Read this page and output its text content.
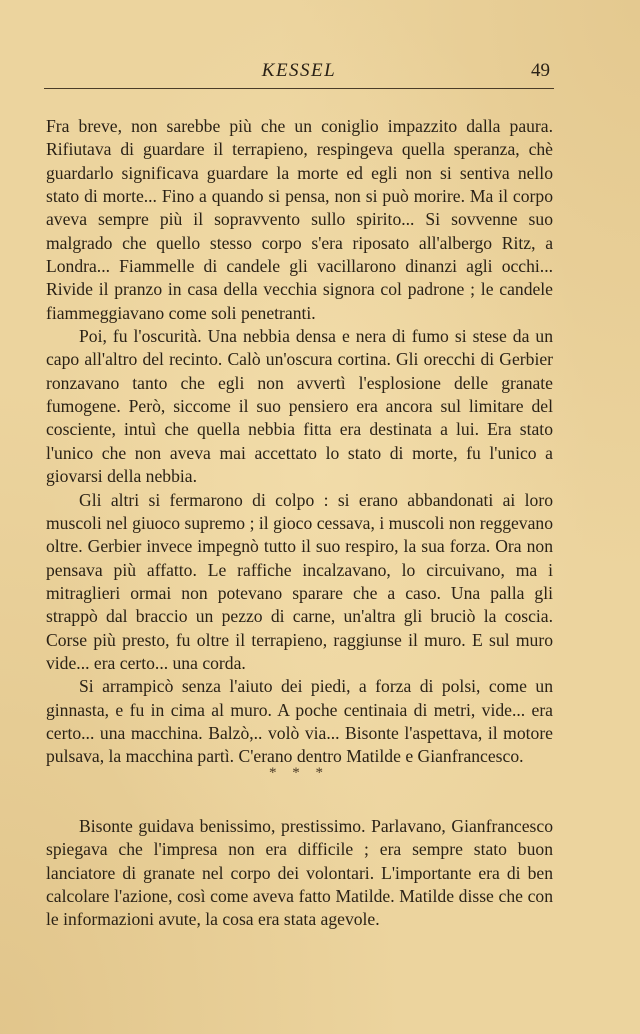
KESSEL	49

Fra breve, non sarebbe più che un coniglio impazzito dalla paura. Rifiutava di guardare il terrapieno, respingeva quella speranza, chè guardarlo significava guardare la morte ed egli non si sentiva nello stato di morte... Fino a quando si pensa, non si può morire. Ma il corpo aveva sempre più il sopravvento sullo spirito... Si sovvenne suo malgrado che quello stesso corpo s'era riposato all'albergo Ritz, a Londra... Fiammelle di candele gli vacillarono dinanzi agli occhi... Rivide il pranzo in casa della vecchia signora col padrone ; le candele fiammeggiavano come soli penetranti.

Poi, fu l'oscurità. Una nebbia densa e nera di fumo si stese da un capo all'altro del recinto. Calò un'oscura cortina. Gli orecchi di Gerbier ronzavano tanto che egli non avvertì l'esplosione delle granate fumogene. Però, siccome il suo pensiero era ancora sul limitare del cosciente, intuì che quella nebbia fitta era destinata a lui. Era stato l'unico che non aveva mai accettato lo stato di morte, fu l'unico a giovarsi della nebbia.

Gli altri si fermarono di colpo : si erano abbandonati ai loro muscoli nel giuoco supremo ; il gioco cessava, i muscoli non reggevano oltre. Gerbier invece impegnò tutto il suo respiro, la sua forza. Ora non pensava più affatto. Le raffiche incalzavano, lo circuivano, ma i mitraglieri ormai non potevano sparare che a caso. Una palla gli strappò dal braccio un pezzo di carne, un'altra gli bruciò la coscia. Corse più presto, fu oltre il terrapieno, raggiunse il muro. E sul muro vide... era certo... una corda.

Si arrampicò senza l'aiuto dei piedi, a forza di polsi, come un ginnasta, e fu in cima al muro. A poche centinaia di metri, vide... era certo... una macchina. Balzò,.. volò via... Bisonte l'aspettava, il motore pulsava, la macchina partì. C'erano dentro Matilde e Gianfrancesco.

* * *

Bisonte guidava benissimo, prestissimo. Parlavano, Gianfrancesco spiegava che l'impresa non era difficile ; era sempre stato buon lanciatore di granate nel corpo dei volontari. L'importante era di ben calcolare l'azione, così come aveva fatto Matilde. Matilde disse che con le informazioni avute, la cosa era stata agevole.
